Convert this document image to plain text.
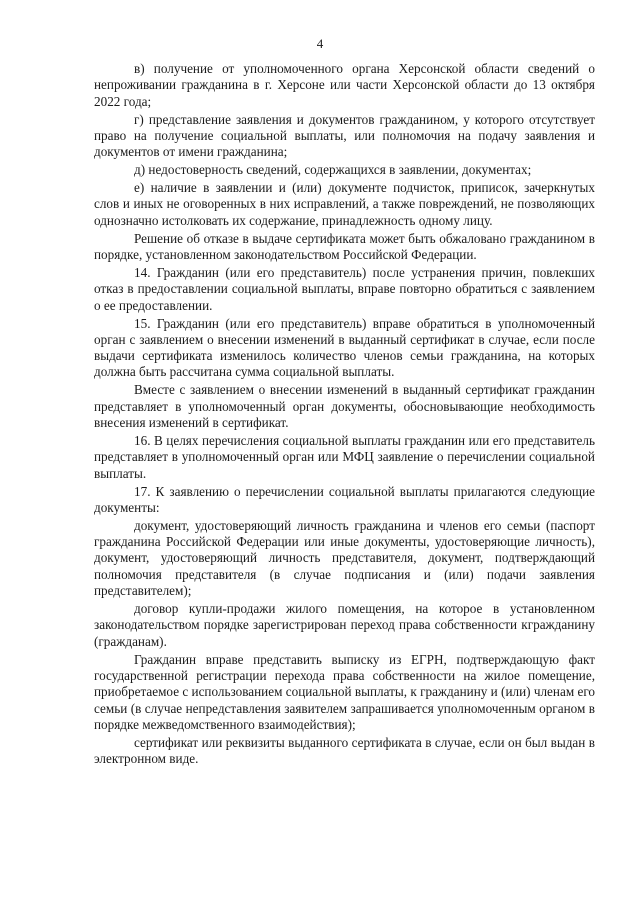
4

в) получение от уполномоченного органа Херсонской области сведений о непроживании гражданина в г. Херсоне или части Херсонской области до 13 октября 2022 года;

г) представление заявления и документов гражданином, у которого отсутствует право на получение социальной выплаты, или полномочия на подачу заявления и документов от имени гражданина;

д) недостоверность сведений, содержащихся в заявлении, документах;

е) наличие в заявлении и (или) документе подчисток, приписок, зачеркнутых слов и иных не оговоренных в них исправлений, а также повреждений, не позволяющих однозначно истолковать их содержание, принадлежность одному лицу.

Решение об отказе в выдаче сертификата может быть обжаловано гражданином в порядке, установленном законодательством Российской Федерации.

14. Гражданин (или его представитель) после устранения причин, повлекших отказ в предоставлении социальной выплаты, вправе повторно обратиться с заявлением о ее предоставлении.

15. Гражданин (или его представитель) вправе обратиться в уполномоченный орган с заявлением о внесении изменений в выданный сертификат в случае, если после выдачи сертификата изменилось количество членов семьи гражданина, на которых должна быть рассчитана сумма социальной выплаты.

Вместе с заявлением о внесении изменений в выданный сертификат гражданин представляет в уполномоченный орган документы, обосновывающие необходимость внесения изменений в сертификат.

16. В целях перечисления социальной выплаты гражданин или его представитель представляет в уполномоченный орган или МФЦ заявление о перечислении социальной выплаты.

17. К заявлению о перечислении социальной выплаты прилагаются следующие документы:

документ, удостоверяющий личность гражданина и членов его семьи (паспорт гражданина Российской Федерации или иные документы, удостоверяющие личность), документ, удостоверяющий личность представителя, документ, подтверждающий полномочия представителя (в случае подписания и (или) подачи заявления представителем);

договор купли-продажи жилого помещения, на которое в установленном законодательством порядке зарегистрирован переход права собственности кгражданину (гражданам).

Гражданин вправе представить выписку из ЕГРН, подтверждающую факт государственной регистрации перехода права собственности на жилое помещение, приобретаемое с использованием социальной выплаты, к гражданину и (или) членам его семьи (в случае непредставления заявителем запрашивается уполномоченным органом в порядке межведомственного взаимодействия);

сертификат или реквизиты выданного сертификата в случае, если он был выдан в электронном виде.
